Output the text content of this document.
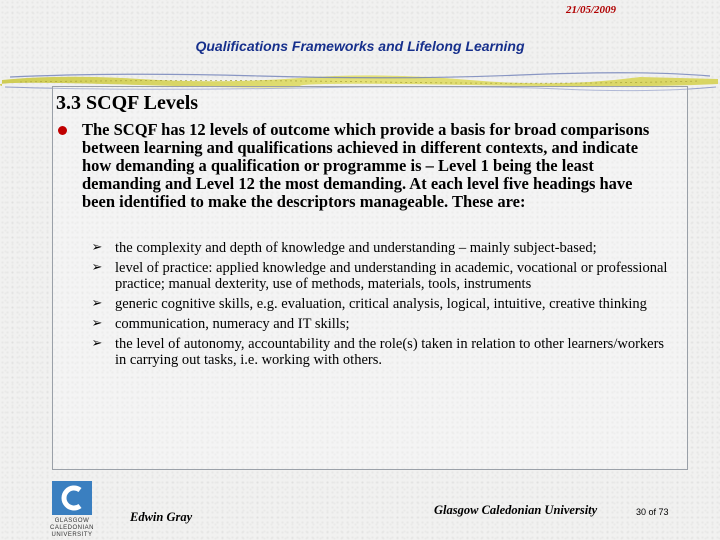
21/05/2009
Qualifications Frameworks and Lifelong Learning
3.3 SCQF Levels
The SCQF has 12 levels of outcome which provide a basis for broad comparisons between learning and qualifications achieved in different contexts, and indicate how demanding a qualification or programme is – Level 1 being the least demanding and Level 12 the most demanding. At each level five headings have been identified to make the descriptors manageable. These are:
➢ the complexity and depth of knowledge and understanding – mainly subject-based;
➢ level of practice: applied knowledge and understanding in academic, vocational or professional practice; manual dexterity, use of methods, materials, tools, instruments
➢ generic cognitive skills, e.g. evaluation, critical analysis, logical, intuitive, creative thinking
➢ communication, numeracy and IT skills;
➢ the level of autonomy, accountability and the role(s) taken in relation to other learners/workers in carrying out tasks, i.e. working with others.
GLASGOW
CALEDONIAN
UNIVERSITY
Edwin Gray	Glasgow Caledonian University	30 of 73
